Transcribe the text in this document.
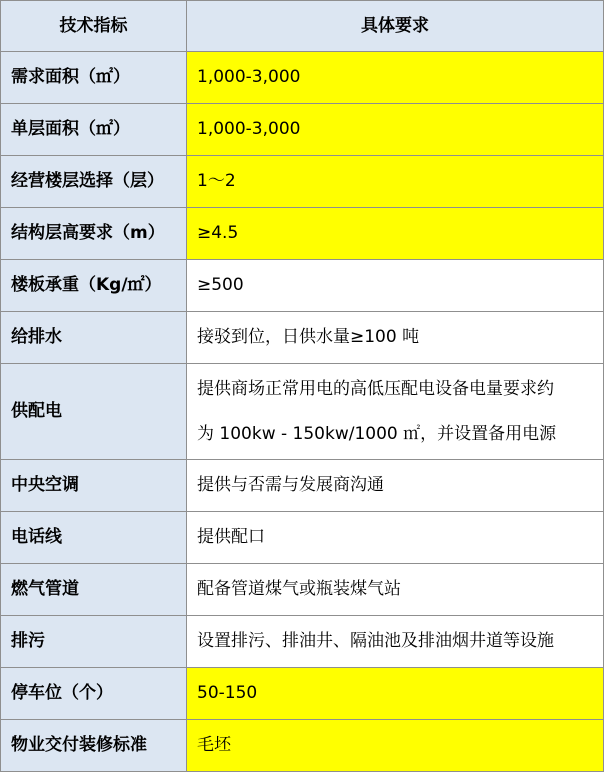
技术指标	具体要求
需求面积（㎡）	1,000-3,000
单层面积（㎡）	1,000-3,000
经营楼层选择（层）	1～2
结构层高要求（m）	≥4.5
楼板承重（Kg/㎡）	≥500
给排水	接驳到位，日供水量≥100 吨
供配电	提供商场正常用电的高低压配电设备电量要求约
为 100kw - 150kw/1000 ㎡，并设置备用电源

中央空调	提供与否需与发展商沟通
电话线	提供配口
燃气管道	配备管道煤气或瓶装煤气站
排污	设置排污、排油井、隔油池及排油烟井道等设施
停车位（个）	50-150
物业交付装修标准	毛坯
